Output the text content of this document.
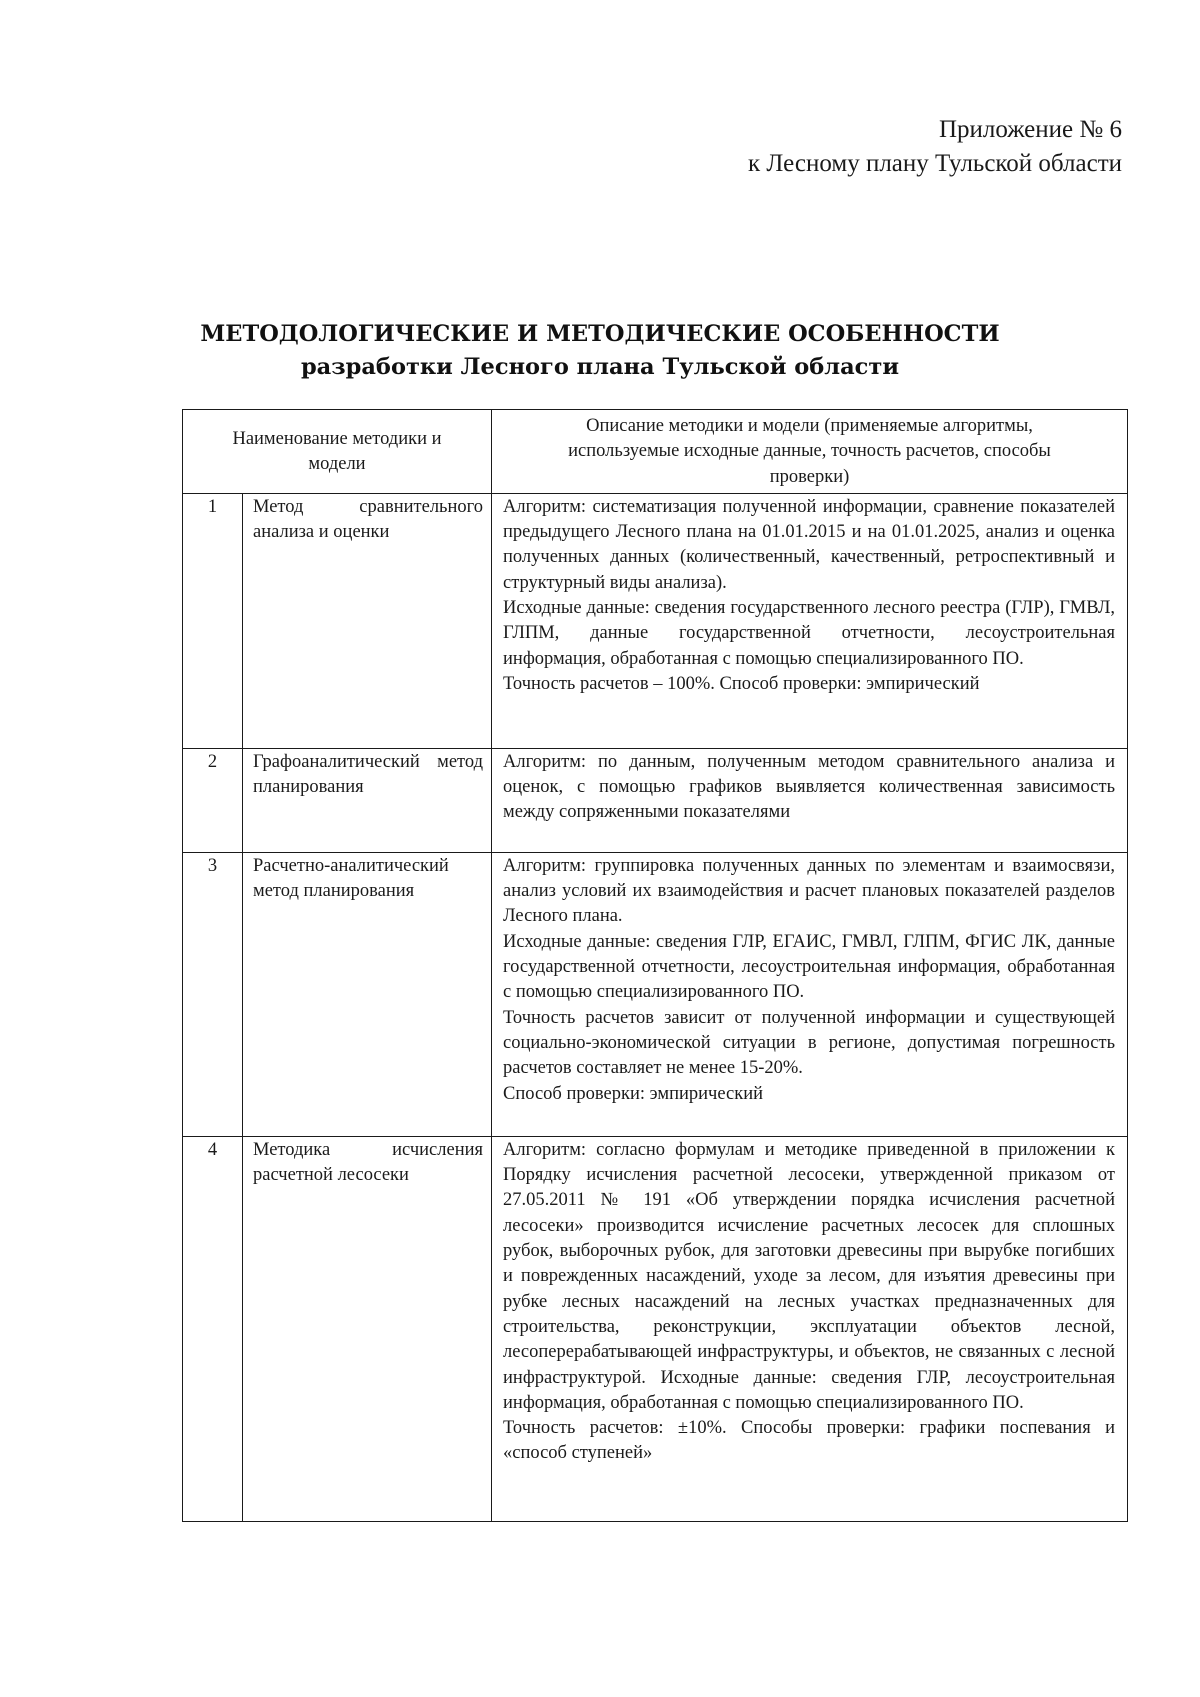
Приложение № 6
к Лесному плану Тульской области
МЕТОДОЛОГИЧЕСКИЕ И МЕТОДИЧЕСКИЕ ОСОБЕННОСТИ
разработки Лесного плана Тульской области
Наименование методики и модели		Описание методики и модели (применяемые алгоритмы, используемые исходные данные, точность расчетов, способы проверки)
1	Метод сравнительного анализа и оценки	Алгоритм: систематизация полученной информации, сравнение показателей предыдущего Лесного плана на 01.01.2015 и на 01.01.2025, анализ и оценка полученных данных (количественный, качественный, ретроспективный и структурный виды анализа).

Исходные данные: сведения государственного лесного реестра (ГЛР), ГМВЛ, ГЛПМ, данные государственной отчетности, лесоустроительная информация, обработанная с помощью специализированного ПО.

Точность расчетов – 100%. Способ проверки: эмпирический

2	Графоаналитический метод планирования	Алгоритм: по данным, полученным методом сравнительного анализа и оценок, с помощью графиков выявляется количественная зависимость между сопряженными показателями

3	Расчетно-аналитический метод планирования	Алгоритм: группировка полученных данных по элементам и взаимосвязи, анализ условий их взаимодействия и расчет плановых показателей разделов Лесного плана.

Исходные данные: сведения ГЛР, ЕГАИС, ГМВЛ, ГЛПМ, ФГИС ЛК, данные государственной отчетности, лесоустроительная информация, обработанная с помощью специализированного ПО.

Точность расчетов зависит от полученной информации и существующей социально-экономической ситуации в регионе, допустимая погрешность расчетов составляет не менее 15-20%.

Способ проверки: эмпирический

4	Методика исчисления расчетной лесосеки	Алгоритм: согласно формулам и методике приведенной в приложении к Порядку исчисления расчетной лесосеки, утвержденной приказом от 27.05.2011 № 191 «Об утверждении порядка исчисления расчетной лесосеки» производится исчисление расчетных лесосек для сплошных рубок, выборочных рубок, для заготовки древесины при вырубке погибших и поврежденных насаждений, уходе за лесом, для изъятия древесины при рубке лесных насаждений на лесных участках предназначенных для строительства, реконструкции, эксплуатации объектов лесной, лесоперерабатывающей инфраструктуры, и объектов, не связанных с лесной инфраструктурой. Исходные данные: сведения ГЛР, лесоустроительная информация, обработанная с помощью специализированного ПО.

Точность расчетов: ±10%. Способы проверки: графики поспевания и «способ ступеней»
